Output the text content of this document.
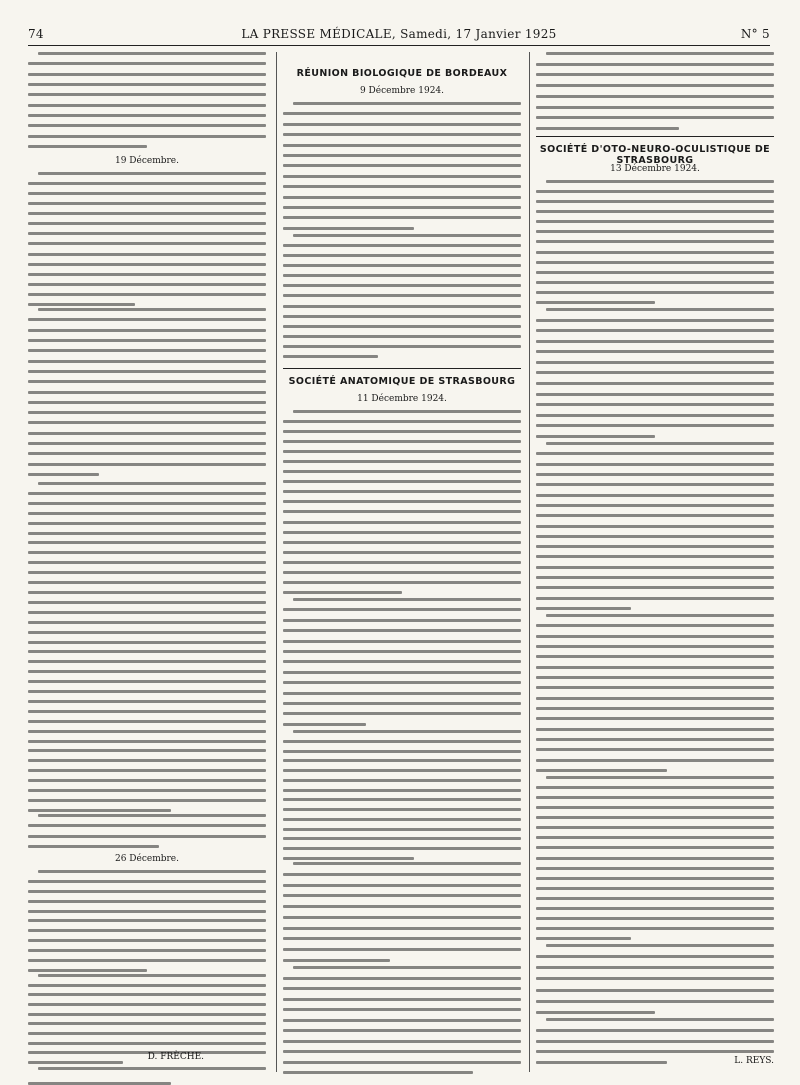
74	LA PRESSE MÉDICALE, Samedi, 17 Janvier 1925	N° 5
19 Décembre.
26 Décembre.
D. FRÈCHE.
RÉUNION BIOLOGIQUE DE BORDEAUX
9 Décembre 1924.
SOCIÉTÉ ANATOMIQUE DE STRASBOURG
11 Décembre 1924.
SOCIÉTÉ D'OTO-NEURO-OCULISTIQUE DE STRASBOURG
13 Décembre 1924.
L. REYS.
